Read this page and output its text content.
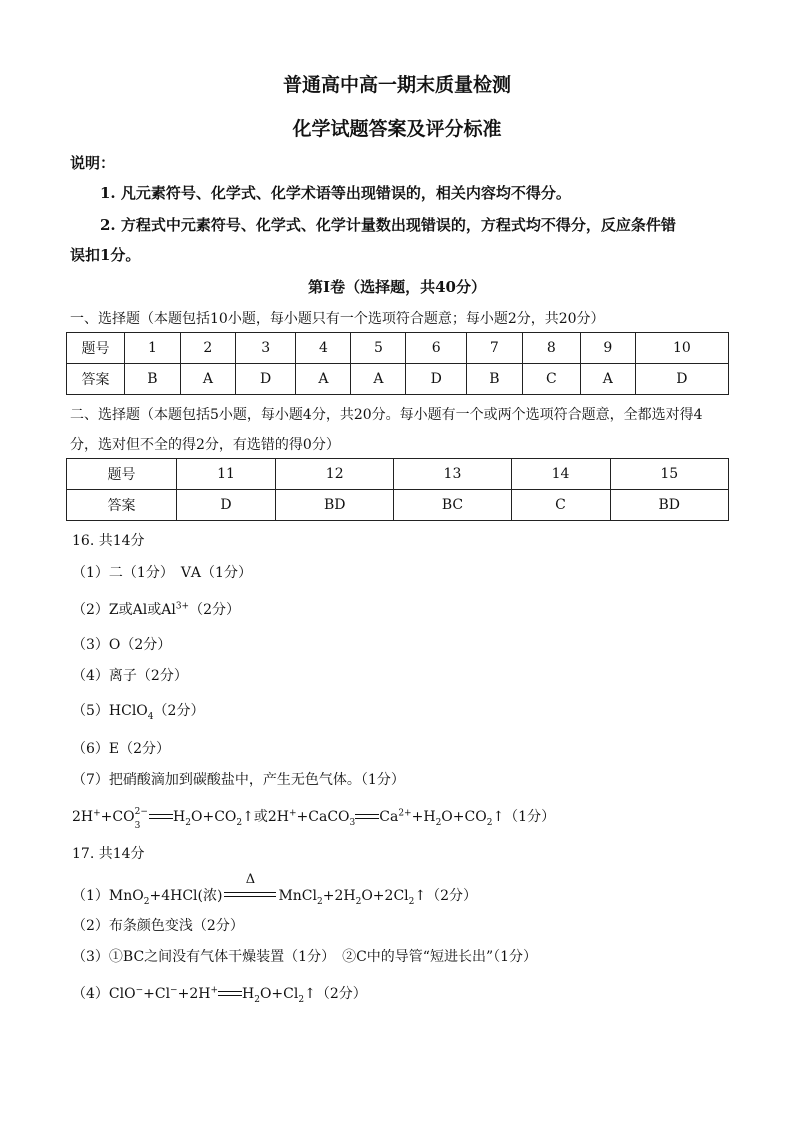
普通高中高一期末质量检测
化学试题答案及评分标准
说明：
1. 凡元素符号、化学式、化学术语等出现错误的，相关内容均不得分。
2. 方程式中元素符号、化学式、化学计量数出现错误的，方程式均不得分，反应条件错
误扣1分。
第Ⅰ卷（选择题，共40分）
一、选择题（本题包括10小题，每小题只有一个选项符合题意；每小题2分，共20分）
题号	1	2	3	4	5	6	7	8	9	10
答案	B	A	D	A	A	D	B	C	A	D
二、选择题（本题包括5小题，每小题4分，共20分。每小题有一个或两个选项符合题意，全都选对得4
分，选对但不全的得2分，有选错的得0分）
题号	11	12	13	14	15
答案	D	BD	BC	C	BD
16. 共14分
（1）二（1分）　ⅤA（1分）
（2）Z或Al或$Al^{3+}(2$分）
（3）O（2分）
（4）离子（2分）
（5）HClO$_4$（2分）
（6）E（2分）
（7）把硝酸滴加到碳酸盐中，产生无色气体。（1分）
2H++CO 2−
3

$H_2O+CO_2↑$或2H++CaCO$_3$ $Ca^{2+}+H_2O+CO_2↑(1$分）
17. 共14分
（1）MnO$_2$+4HCl(浓)
Δ
$MnCl_2+2H_2O+2Cl_2↑(2$分）
（2）布条颜色变浅（2分）
（3）①BC之间没有气体干燥装置（1分）　②C中的导管“短进长出”（1分）
（4）ClO−+Cl−+2H+ $H_2O+Cl_2↑(2$分）
